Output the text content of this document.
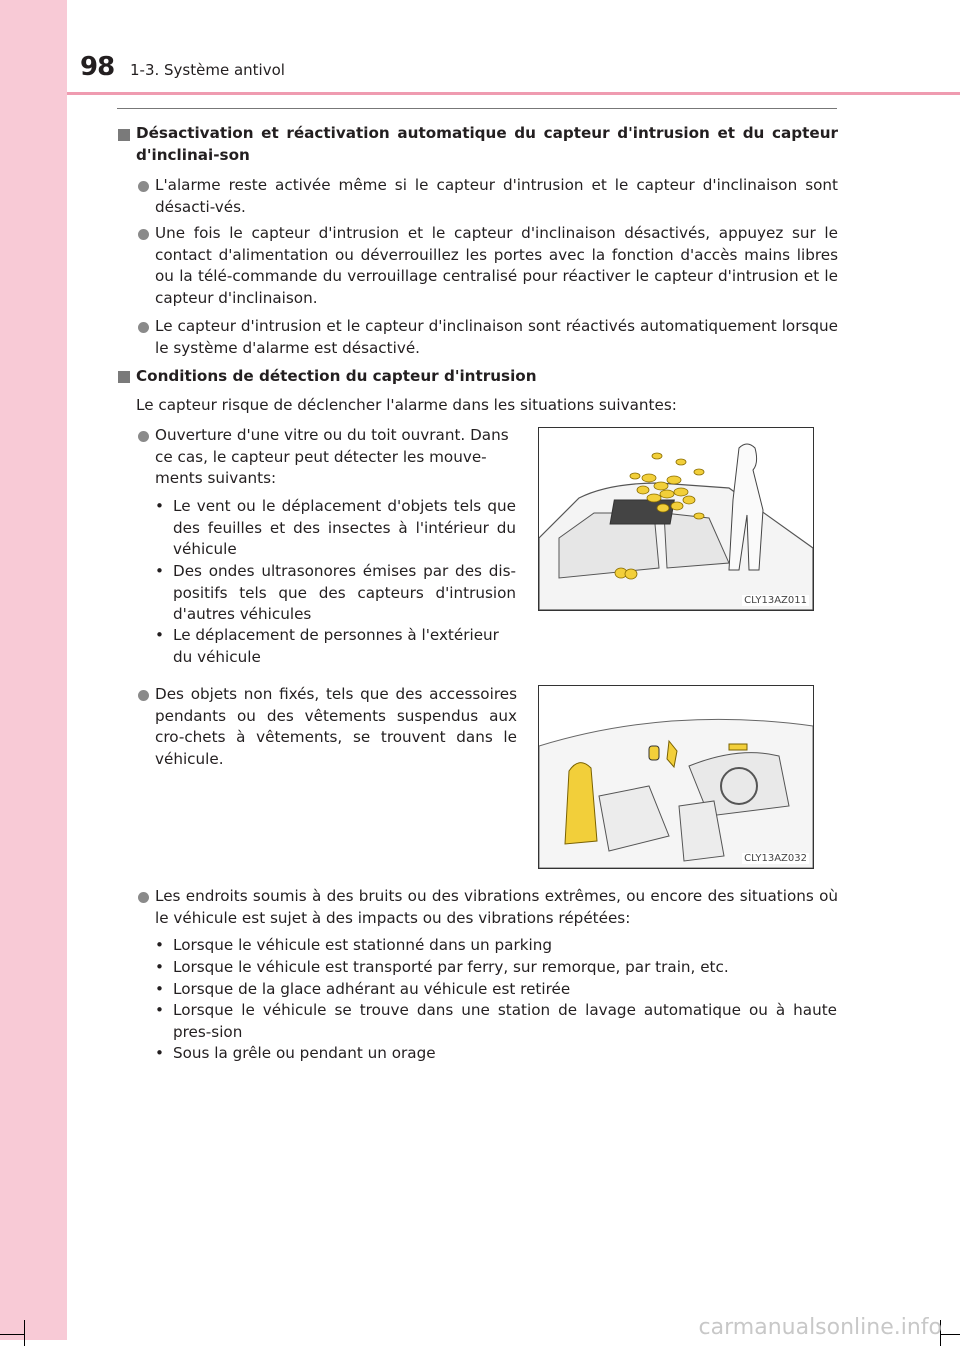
98 1-3. Système antivol
Désactivation et réactivation automatique du capteur d'intrusion et du capteur d'inclinai-son
L'alarme reste activée même si le capteur d'intrusion et le capteur d'inclinaison sont désacti-vés.
Une fois le capteur d'intrusion et le capteur d'inclinaison désactivés, appuyez sur le contact d'alimentation ou déverrouillez les portes avec la fonction d'accès mains libres ou la télé-commande du verrouillage centralisé pour réactiver le capteur d'intrusion et le capteur d'inclinaison.
Le capteur d'intrusion et le capteur d'inclinaison sont réactivés automatiquement lorsque le système d'alarme est désactivé.
Conditions de détection du capteur d'intrusion
Le capteur risque de déclencher l'alarme dans les situations suivantes:
Ouverture d'une vitre ou du toit ouvrant. Dans ce cas, le capteur peut détecter les mouve-ments suivants:
• Le vent ou le déplacement d'objets tels que des feuilles et des insectes à l'intérieur du véhicule
• Des ondes ultrasonores émises par des dis-positifs tels que des capteurs d'intrusion d'autres véhicules
• Le déplacement de personnes à l'extérieur du véhicule
CLY13AZ011
Des objets non fixés, tels que des accessoires pendants ou des vêtements suspendus aux cro-chets à vêtements, se trouvent dans le véhicule.
CLY13AZ032
Les endroits soumis à des bruits ou des vibrations extrêmes, ou encore des situations où le véhicule est sujet à des impacts ou des vibrations répétées:
• Lorsque le véhicule est stationné dans un parking
• Lorsque le véhicule est transporté par ferry, sur remorque, par train, etc.
• Lorsque de la glace adhérant au véhicule est retirée
• Lorsque le véhicule se trouve dans une station de lavage automatique ou à haute pres-sion
• Sous la grêle ou pendant un orage
carmanualsonline.info
